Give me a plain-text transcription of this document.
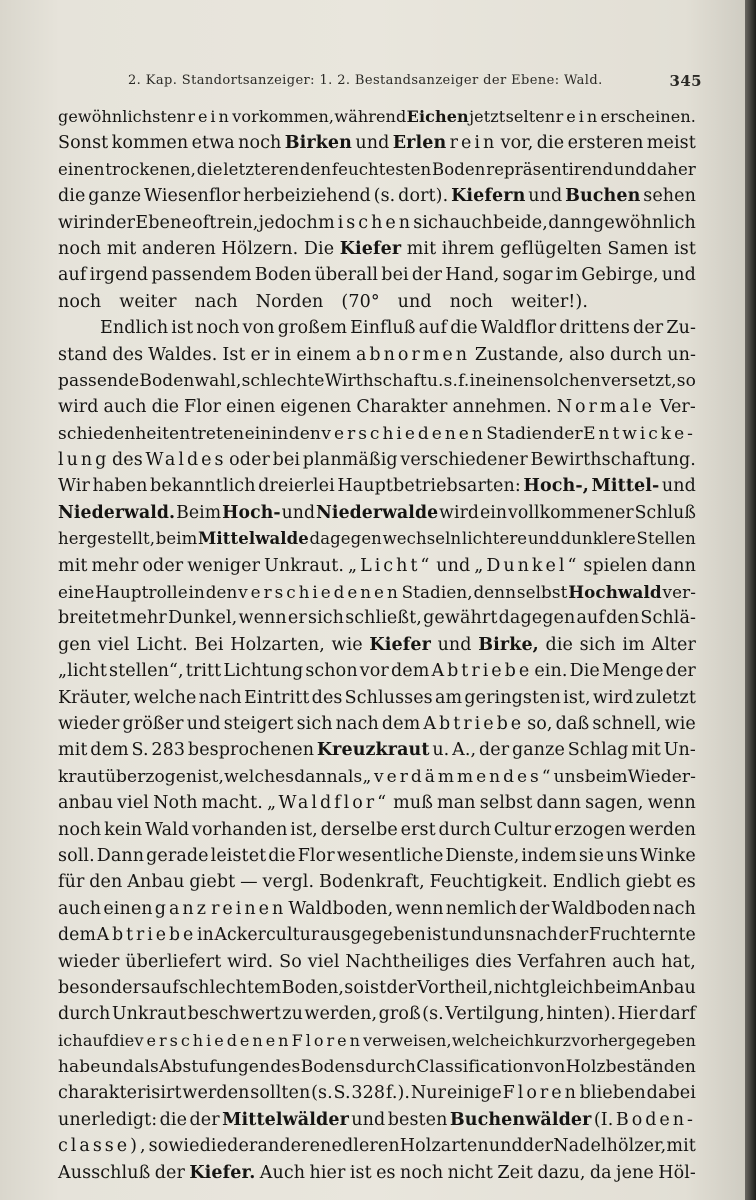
2. Kap. Standortsanzeiger: 1. 2. Bestandsanzeiger der Ebene: Wald.	345
gewöhnlichsten rein vorkommen, während Eichen jetzt selten rein erscheinen.
Sonst kommen etwa noch Birken und Erlen rein vor, die ersteren meist
einen trockenen, die letzteren den feuchtesten Boden repräsentirend und daher
die ganze Wiesenflor herbeiziehend (s. dort). Kiefern und Buchen sehen
wir in der Ebene oft rein, jedoch mischen sich auch beide, dann gewöhnlich
noch mit anderen Hölzern. Die Kiefer mit ihrem geflügelten Samen ist
auf irgend passendem Boden überall bei der Hand, sogar im Gebirge, und
noch weiter nach Norden (70° und noch weiter!).
Endlich ist noch von großem Einfluß auf die Waldflor drittens der Zu-
stand des Waldes. Ist er in einem abnormen Zustande, also durch un-
passende Bodenwahl, schlechte Wirthschaft u. s. f. in einen solchen versetzt, so
wird auch die Flor einen eigenen Charakter annehmen. Normale Ver-
schiedenheiten treten ein in den verschiedenen Stadien der Entwicke-
lung des Waldes oder bei planmäßig verschiedener Bewirthschaftung.
Wir haben bekanntlich dreierlei Hauptbetriebsarten: Hoch-, Mittel- und
Niederwald. Beim Hoch- und Niederwalde wird ein vollkommener Schluß
hergestellt, beim Mittelwalde dagegen wechseln lichtere und dunklere Stellen
mit mehr oder weniger Unkraut. „Licht“ und „Dunkel“ spielen dann
eine Hauptrolle in den verschiedenen Stadien, denn selbst Hochwald ver-
breitet mehr Dunkel, wenn er sich schließt, gewährt dagegen auf den Schlä-
gen viel Licht. Bei Holzarten, wie Kiefer und Birke, die sich im Alter
„licht stellen“, tritt Lichtung schon vor dem Abtriebe ein. Die Menge der
Kräuter, welche nach Eintritt des Schlusses am geringsten ist, wird zuletzt
wieder größer und steigert sich nach dem Abtriebe so, daß schnell, wie
mit dem S. 283 besprochenen Kreuzkraut u. A., der ganze Schlag mit Un-
kraut überzogen ist, welches dann als „verdämmendes“ uns beim Wieder-
anbau viel Noth macht. „Waldflor“ muß man selbst dann sagen, wenn
noch kein Wald vorhanden ist, derselbe erst durch Cultur erzogen werden
soll. Dann gerade leistet die Flor wesentliche Dienste, indem sie uns Winke
für den Anbau giebt — vergl. Bodenkraft, Feuchtigkeit. Endlich giebt es
auch einen ganz reinen Waldboden, wenn nemlich der Waldboden nach
dem Abtriebe in Ackercultur ausgegeben ist und uns nach der Fruchternte
wieder überliefert wird. So viel Nachtheiliges dies Verfahren auch hat,
besonders auf schlechtem Boden, so ist der Vortheil, nicht gleich beim Anbau
durch Unkraut beschwert zu werden, groß (s. Vertilgung, hinten). Hier darf
ich auf die verschiedenen Floren verweisen, welche ich kurz vorher gegeben
habe und als Abstufungen des Bodens durch Classification von Holzbeständen
charakterisirt werden sollten (s. S. 328 f.). Nur einige Floren blieben dabei
unerledigt: die der Mittelwälder und besten Buchenwälder (I. Boden-
classe), sowie die der anderen edleren Holzarten und der Nadelhölzer, mit
Ausschluß der Kiefer. Auch hier ist es noch nicht Zeit dazu, da jene Höl-
